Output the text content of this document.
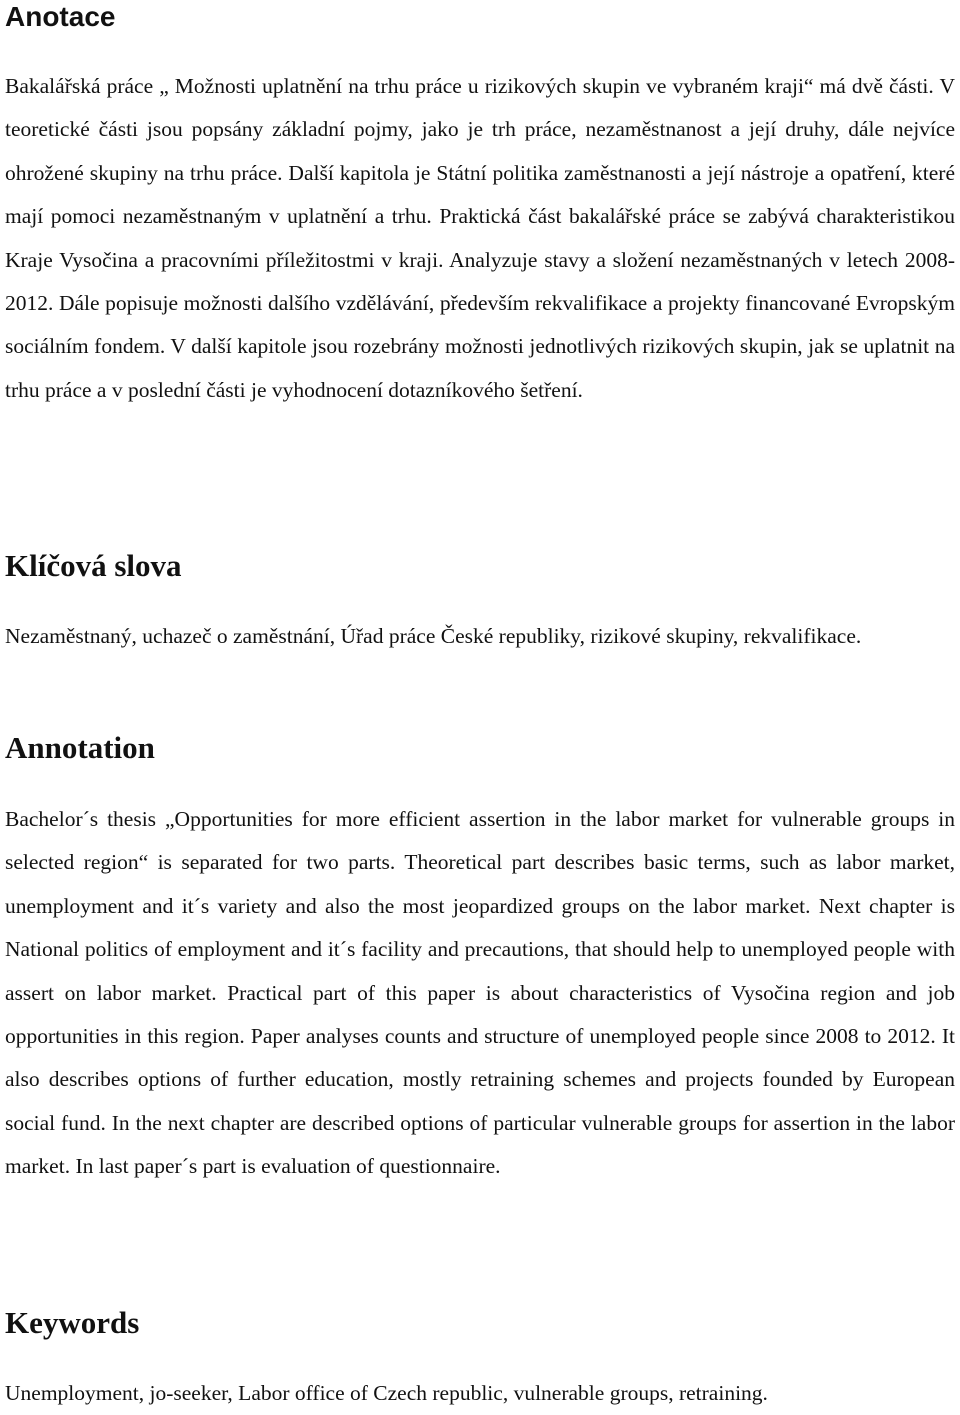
Anotace

Bakalářská práce „ Možnosti uplatnění na trhu práce u rizikových skupin ve vybraném kraji“ má dvě části. V teoretické části jsou popsány základní pojmy, jako je trh práce, nezaměstnanost a její druhy, dále nejvíce ohrožené skupiny na trhu práce. Další kapitola je Státní politika zaměstnanosti a její nástroje a opatření, které mají pomoci nezaměstnaným v uplatnění a trhu. Praktická část bakalářské práce se zabývá charakteristikou Kraje Vysočina a pracovními příležitostmi v kraji. Analyzuje stavy a složení nezaměstnaných v letech 2008-2012. Dále popisuje možnosti dalšího vzdělávání, především rekvalifikace a projekty financované Evropským sociálním fondem. V další kapitole jsou rozebrány možnosti jednotlivých rizikových skupin, jak se uplatnit na trhu práce a v poslední části je vyhodnocení dotazníkového šetření.

Klíčová slova

Nezaměstnaný, uchazeč o zaměstnání, Úřad práce České republiky, rizikové skupiny, rekvalifikace.

Annotation

Bachelor´s thesis „Opportunities for more efficient assertion in the labor market for vulnerable groups in selected region“ is separated for two parts. Theoretical part describes basic terms, such as labor market, unemployment and it´s variety and also the most jeopardized groups on the labor market. Next chapter is National politics of employment and it´s facility and precautions, that should help to unemployed people with assert on labor market. Practical part of this paper is about characteristics of Vysočina region and job opportunities in this region. Paper analyses counts and structure of unemployed people since 2008 to 2012. It also describes options of further education, mostly retraining schemes and projects founded by European social fund. In the next chapter are described options of particular vulnerable groups for assertion in the labor market. In last paper´s part is evaluation of questionnaire.

Keywords

Unemployment, jo-seeker, Labor office of Czech republic, vulnerable groups, retraining.
